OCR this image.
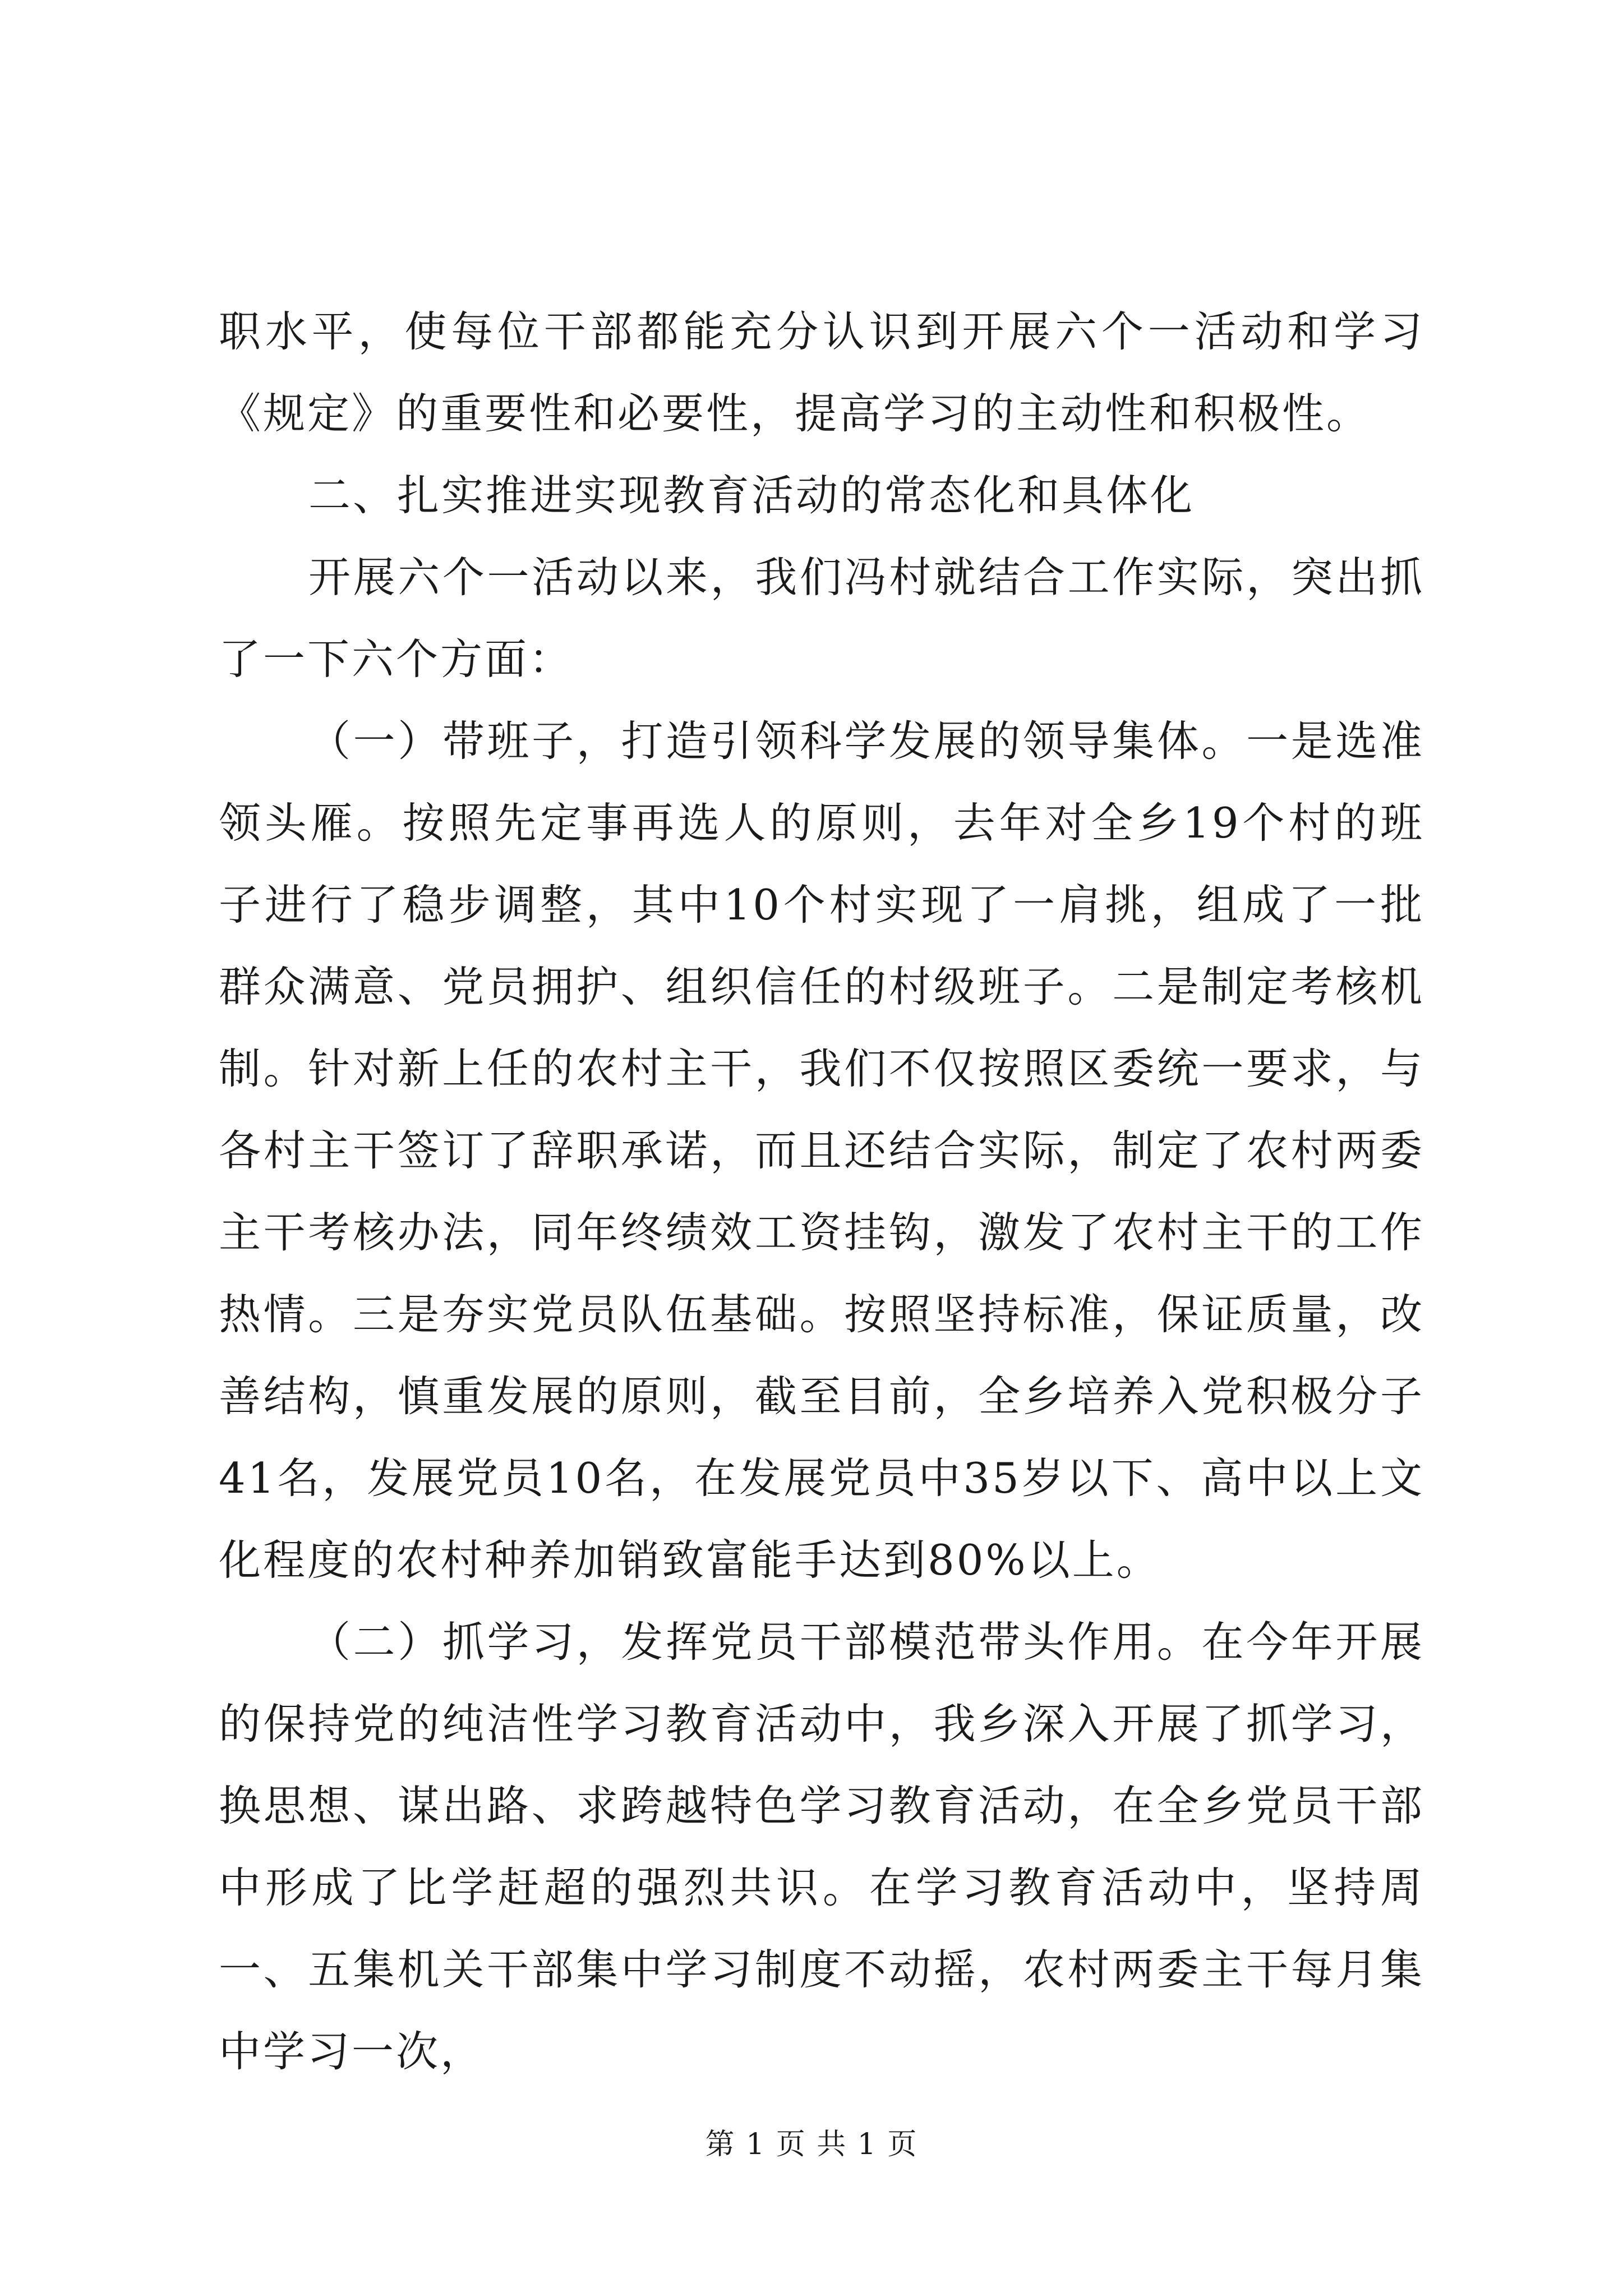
职水平，使每位干部都能充分认识到开展六个一活动和学习《规定》的重要性和必要性，提高学习的主动性和积极性。

二、扎实推进实现教育活动的常态化和具体化

开展六个一活动以来，我们冯村就结合工作实际，突出抓了一下六个方面：

（一）带班子，打造引领科学发展的领导集体。一是选准领头雁。按照先定事再选人的原则，去年对全乡19个村的班子进行了稳步调整，其中10个村实现了一肩挑，组成了一批群众满意、党员拥护、组织信任的村级班子。二是制定考核机制。针对新上任的农村主干，我们不仅按照区委统一要求，与各村主干签订了辞职承诺，而且还结合实际，制定了农村两委主干考核办法，同年终绩效工资挂钩，激发了农村主干的工作热情。三是夯实党员队伍基础。按照坚持标准，保证质量，改善结构，慎重发展的原则，截至目前，全乡培养入党积极分子41名，发展党员10名，在发展党员中35岁以下、高中以上文化程度的农村种养加销致富能手达到80%以上。

（二）抓学习，发挥党员干部模范带头作用。在今年开展的保持党的纯洁性学习教育活动中，我乡深入开展了抓学习，换思想、谋出路、求跨越特色学习教育活动，在全乡党员干部中形成了比学赶超的强烈共识。在学习教育活动中，坚持周一、五集机关干部集中学习制度不动摇，农村两委主干每月集中学习一次，

第 1 页 共 1 页
